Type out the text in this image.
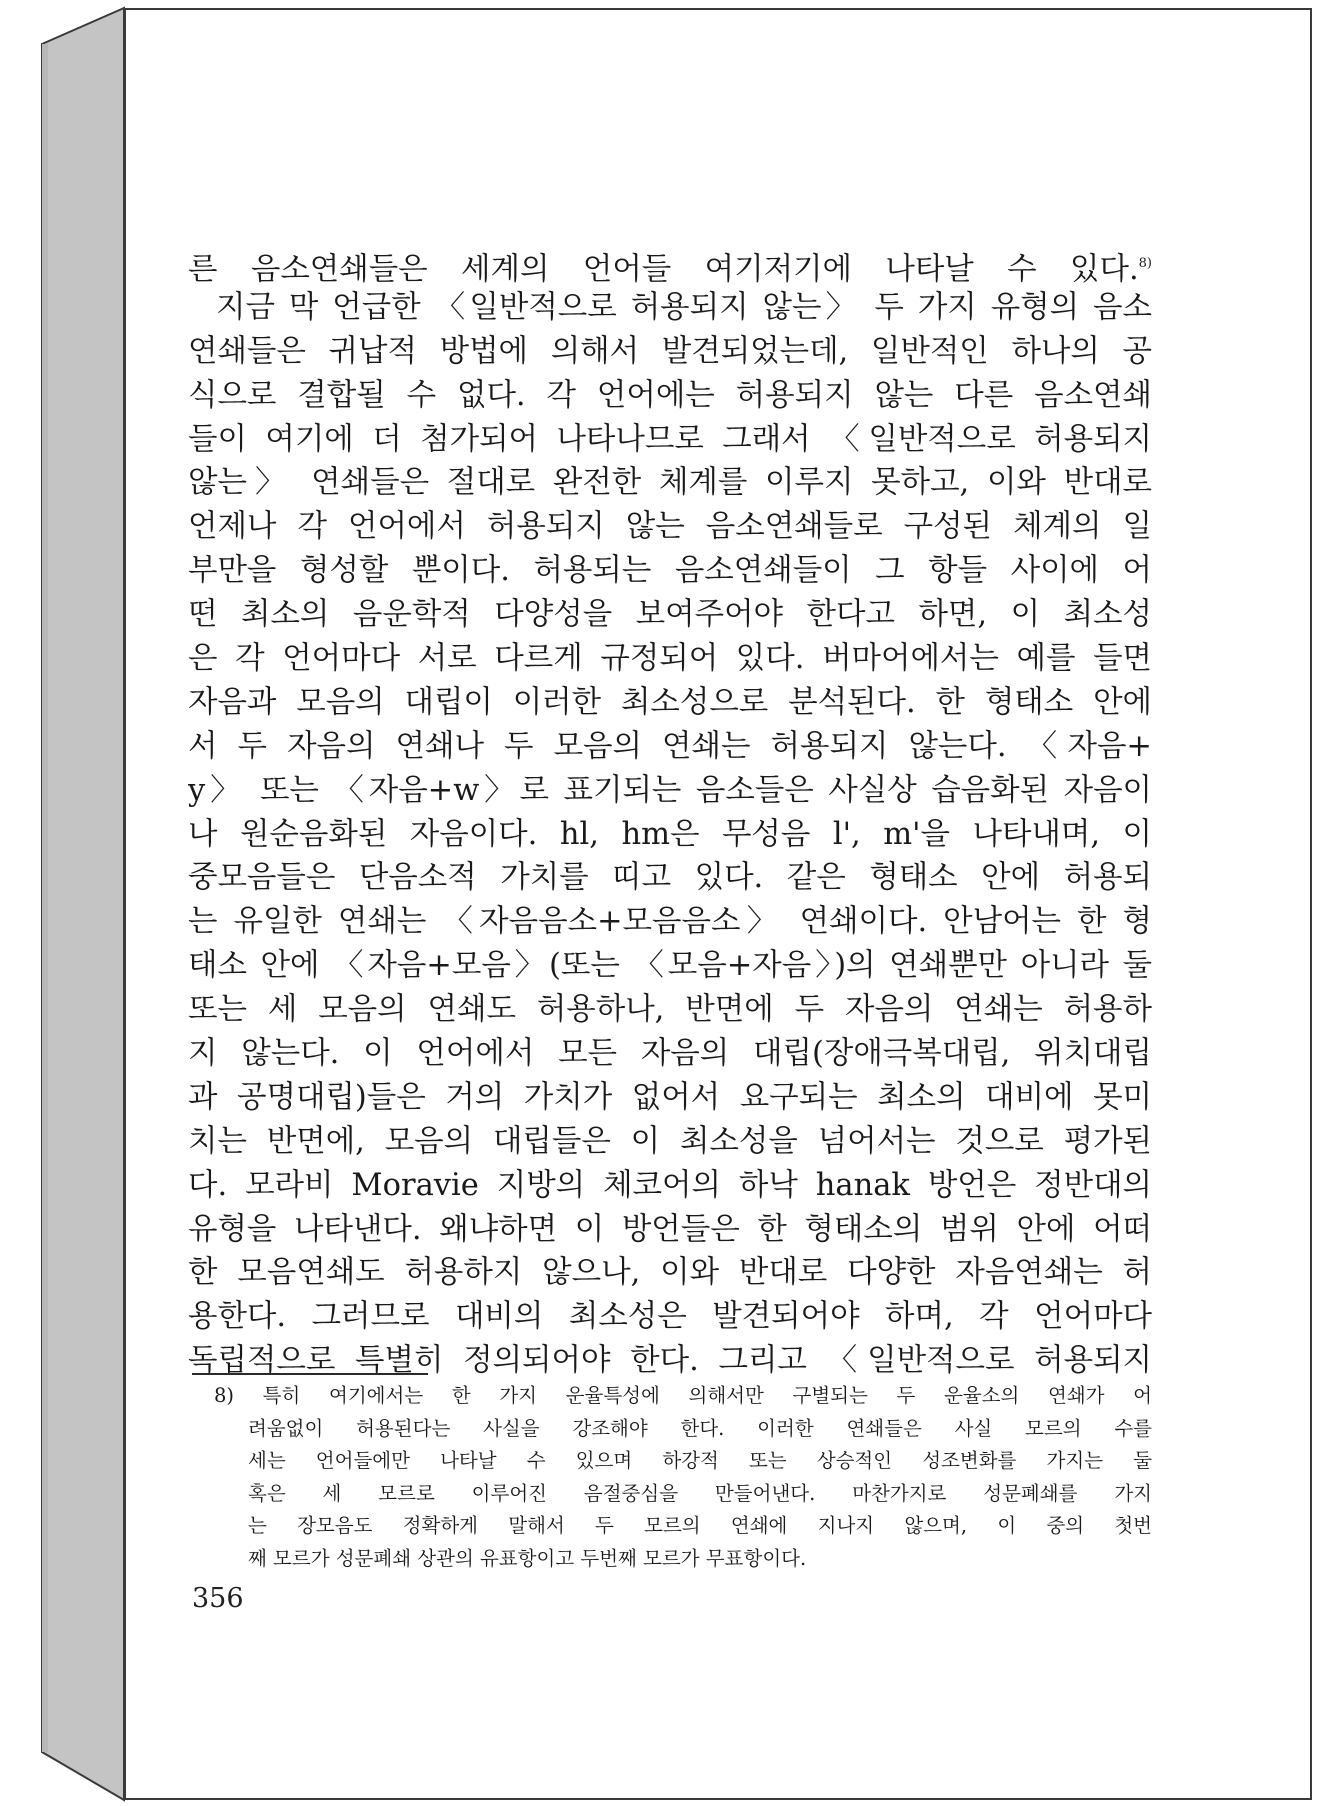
른 음소연쇄들은 세계의 언어들 여기저기에 나타날 수 있다.$^{8)}$
지금 막 언급한 〈일반적으로 허용되지 않는〉 두 가지 유형의 음소
연쇄들은 귀납적 방법에 의해서 발견되었는데, 일반적인 하나의 공
식으로 결합될 수 없다. 각 언어에는 허용되지 않는 다른 음소연쇄
들이 여기에 더 첨가되어 나타나므로 그래서 〈일반적으로 허용되지
않는〉 연쇄들은 절대로 완전한 체계를 이루지 못하고, 이와 반대로
언제나 각 언어에서 허용되지 않는 음소연쇄들로 구성된 체계의 일
부만을 형성할 뿐이다. 허용되는 음소연쇄들이 그 항들 사이에 어
떤 최소의 음운학적 다양성을 보여주어야 한다고 하면, 이 최소성
은 각 언어마다 서로 다르게 규정되어 있다. 버마어에서는 예를 들면
자음과 모음의 대립이 이러한 최소성으로 분석된다. 한 형태소 안에
서 두 자음의 연쇄나 두 모음의 연쇄는 허용되지 않는다. 〈자음+
y〉 또는 〈자음+w〉로 표기되는 음소들은 사실상 습음화된 자음이
나 원순음화된 자음이다. hl, hm은 무성음 l', m'을 나타내며, 이
중모음들은 단음소적 가치를 띠고 있다. 같은 형태소 안에 허용되
는 유일한 연쇄는 〈자음음소+모음음소〉 연쇄이다. 안남어는 한 형
태소 안에 〈자음+모음〉(또는 〈모음+자음〉)의 연쇄뿐만 아니라 둘
또는 세 모음의 연쇄도 허용하나, 반면에 두 자음의 연쇄는 허용하
지 않는다. 이 언어에서 모든 자음의 대립(장애극복대립, 위치대립
과 공명대립)들은 거의 가치가 없어서 요구되는 최소의 대비에 못미
치는 반면에, 모음의 대립들은 이 최소성을 넘어서는 것으로 평가된
다. 모라비 Moravie 지방의 체코어의 하낙 hanak 방언은 정반대의
유형을 나타낸다. 왜냐하면 이 방언들은 한 형태소의 범위 안에 어떠
한 모음연쇄도 허용하지 않으나, 이와 반대로 다양한 자음연쇄는 허
용한다. 그러므로 대비의 최소성은 발견되어야 하며, 각 언어마다
독립적으로 특별히 정의되어야 한다. 그리고 〈일반적으로 허용되지
8) 특히 여기에서는 한 가지 운율특성에 의해서만 구별되는 두 운율소의 연쇄가 어
려움없이 허용된다는 사실을 강조해야 한다. 이러한 연쇄들은 사실 모르의 수를
세는 언어들에만 나타날 수 있으며 하강적 또는 상승적인 성조변화를 가지는 둘
혹은 세 모르로 이루어진 음절중심을 만들어낸다. 마찬가지로 성문폐쇄를 가지
는 장모음도 정확하게 말해서 두 모르의 연쇄에 지나지 않으며, 이 중의 첫번
째 모르가 성문폐쇄 상관의 유표항이고 두번째 모르가 무표항이다.
356
